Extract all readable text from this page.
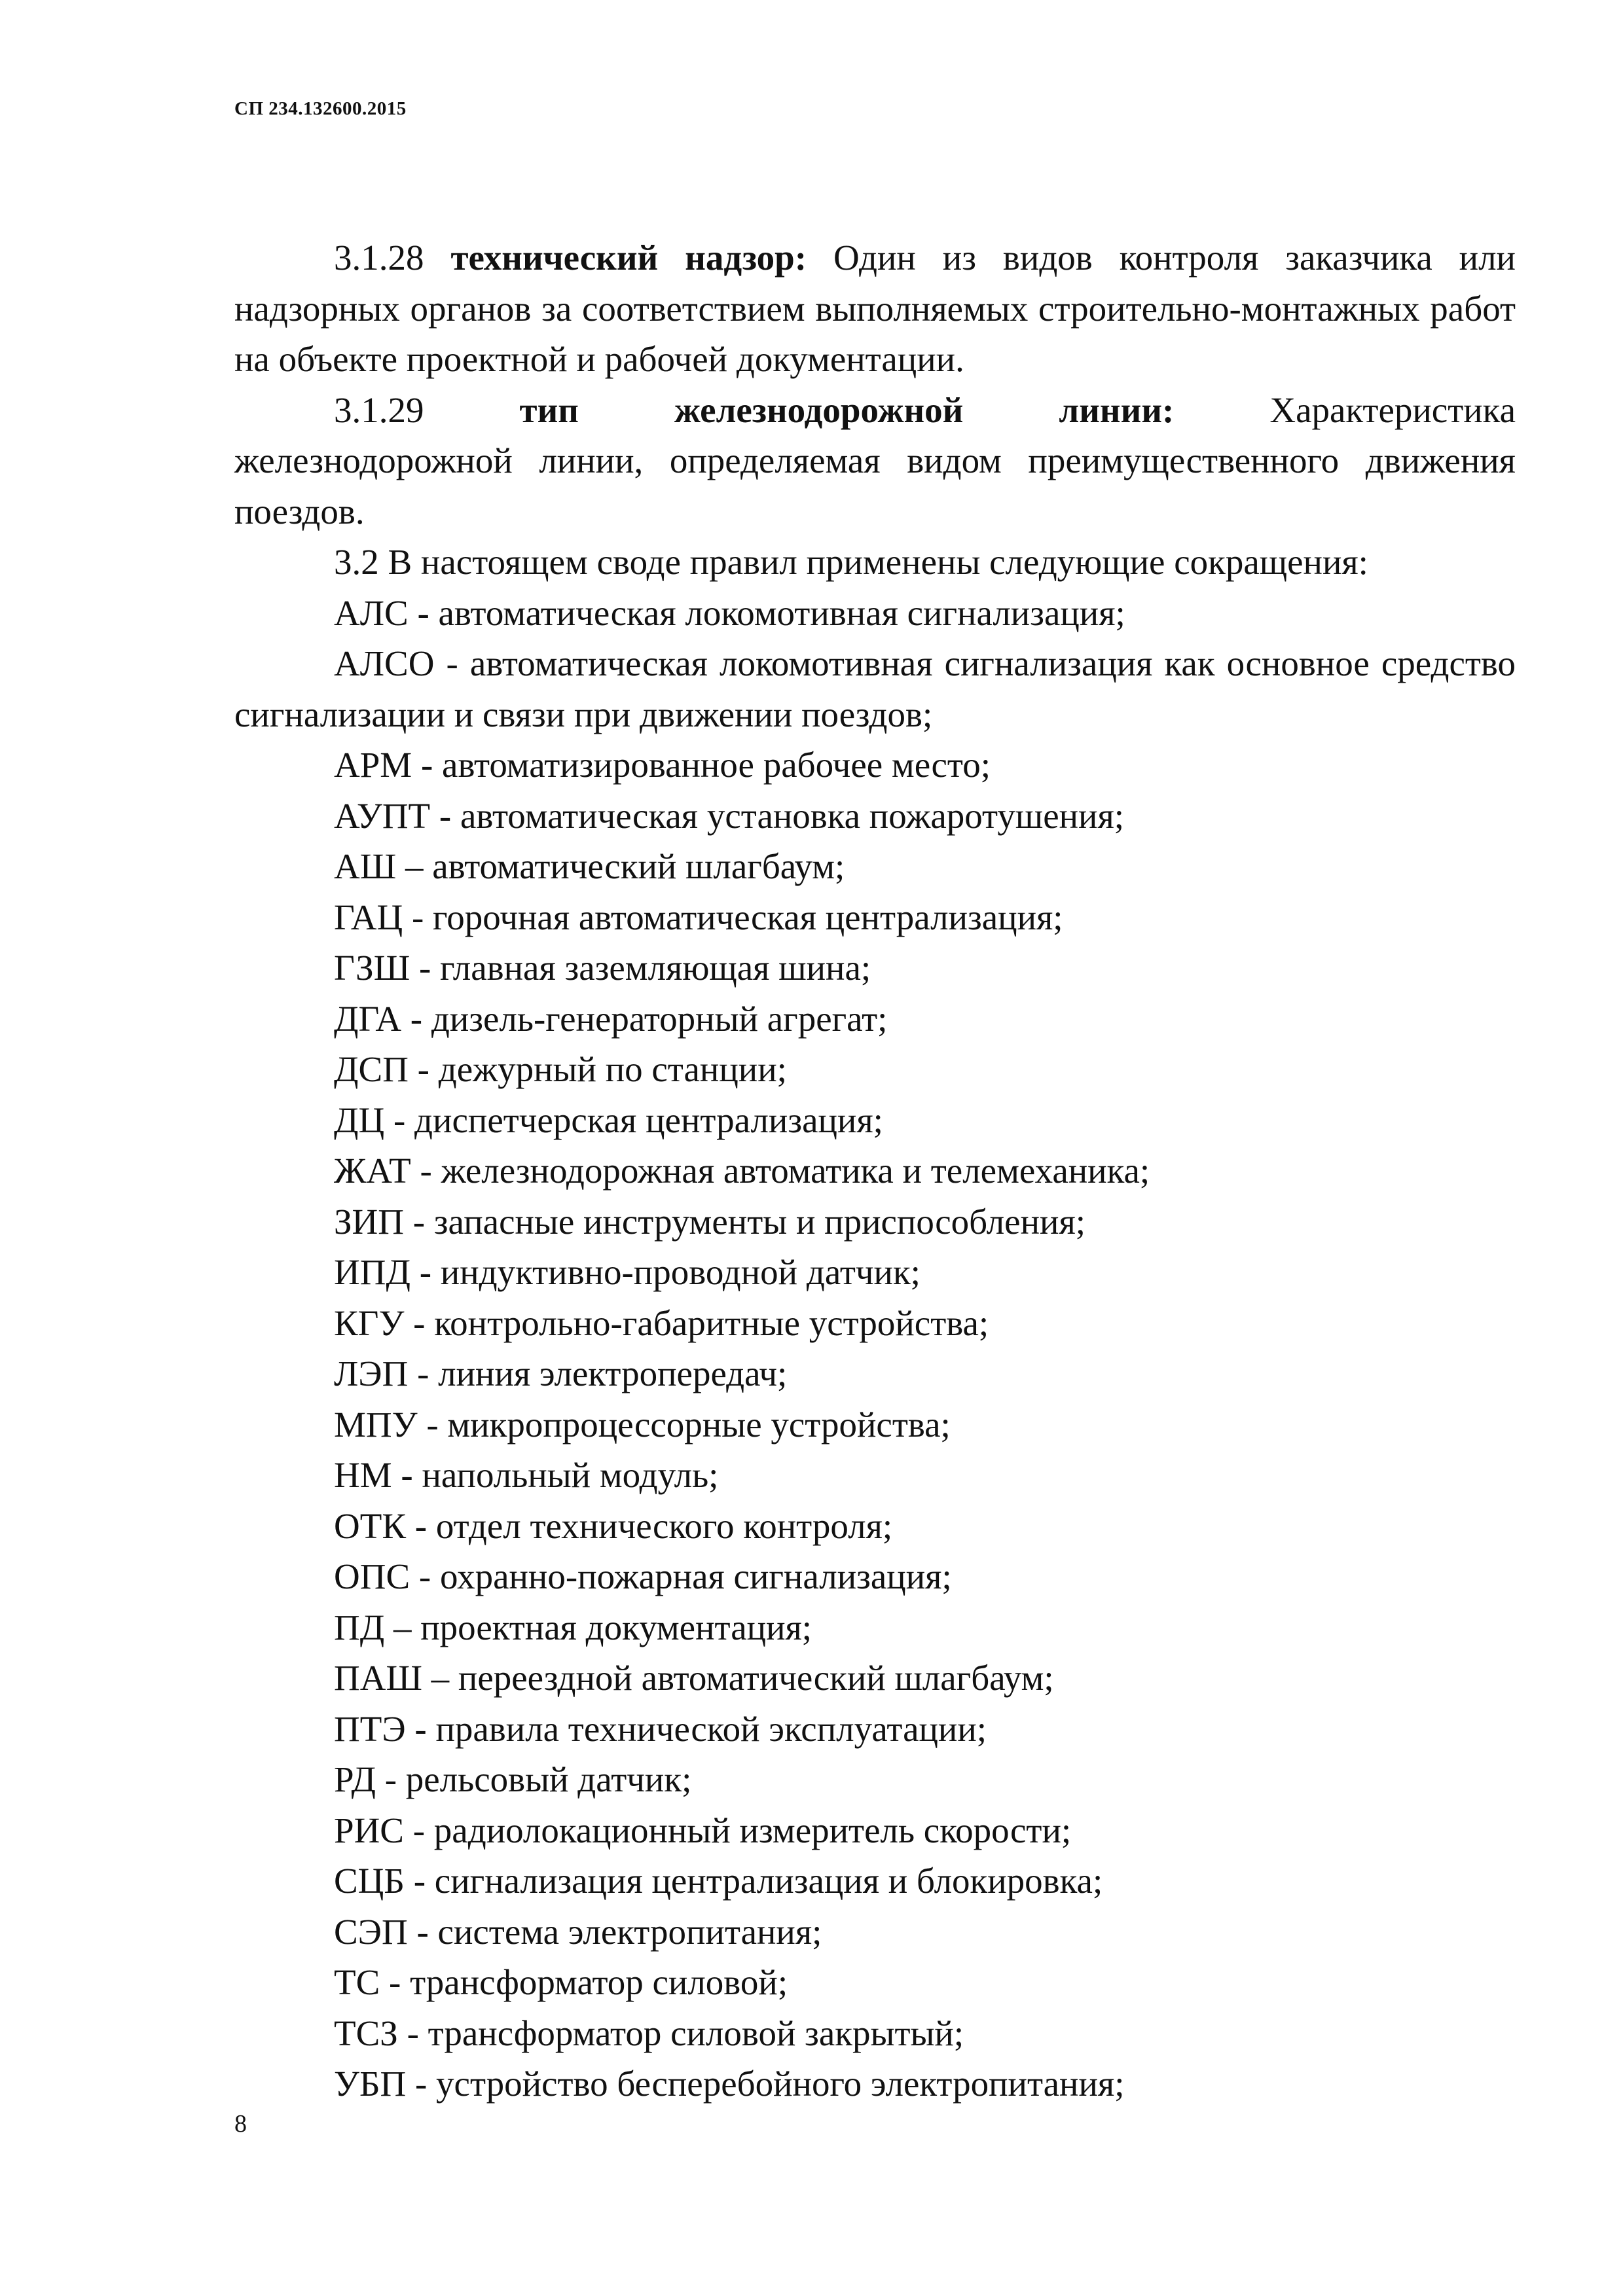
СП 234.132600.2015

3.1.28 технический надзор: Один из видов контроля заказчика или надзорных органов за соответствием выполняемых строительно-монтажных работ на объекте проектной и рабочей документации.

3.1.29	тип	железнодорожной	линии:	Характеристика

железнодорожной линии, определяемая видом преимущественного движения поездов.

3.2 В настоящем своде правил применены следующие сокращения:

АЛС - автоматическая локомотивная сигнализация;

АЛСО - автоматическая локомотивная сигнализация как основное средство сигнализации и связи при движении поездов;

АРМ - автоматизированное рабочее место;

АУПТ - автоматическая установка пожаротушения;

АШ – автоматический шлагбаум;

ГАЦ - горочная автоматическая централизация;

ГЗШ - главная заземляющая шина;

ДГА - дизель-генераторный агрегат;

ДСП - дежурный по станции;

ДЦ - диспетчерская централизация;

ЖАТ - железнодорожная автоматика и телемеханика;

ЗИП - запасные инструменты и приспособления;

ИПД - индуктивно-проводной датчик;

КГУ - контрольно-габаритные устройства;

ЛЭП - линия электропередач;

МПУ - микропроцессорные устройства;

НМ - напольный модуль;

ОТК - отдел технического контроля;

ОПС - охранно-пожарная сигнализация;

ПД – проектная документация;

ПАШ – переездной автоматический шлагбаум;

ПТЭ - правила технической эксплуатации;

РД - рельсовый датчик;

РИС - радиолокационный измеритель скорости;

СЦБ - сигнализация централизация и блокировка;

СЭП - система электропитания;

ТС - трансформатор силовой;

ТСЗ - трансформатор силовой закрытый;

УБП - устройство бесперебойного электропитания;

8
